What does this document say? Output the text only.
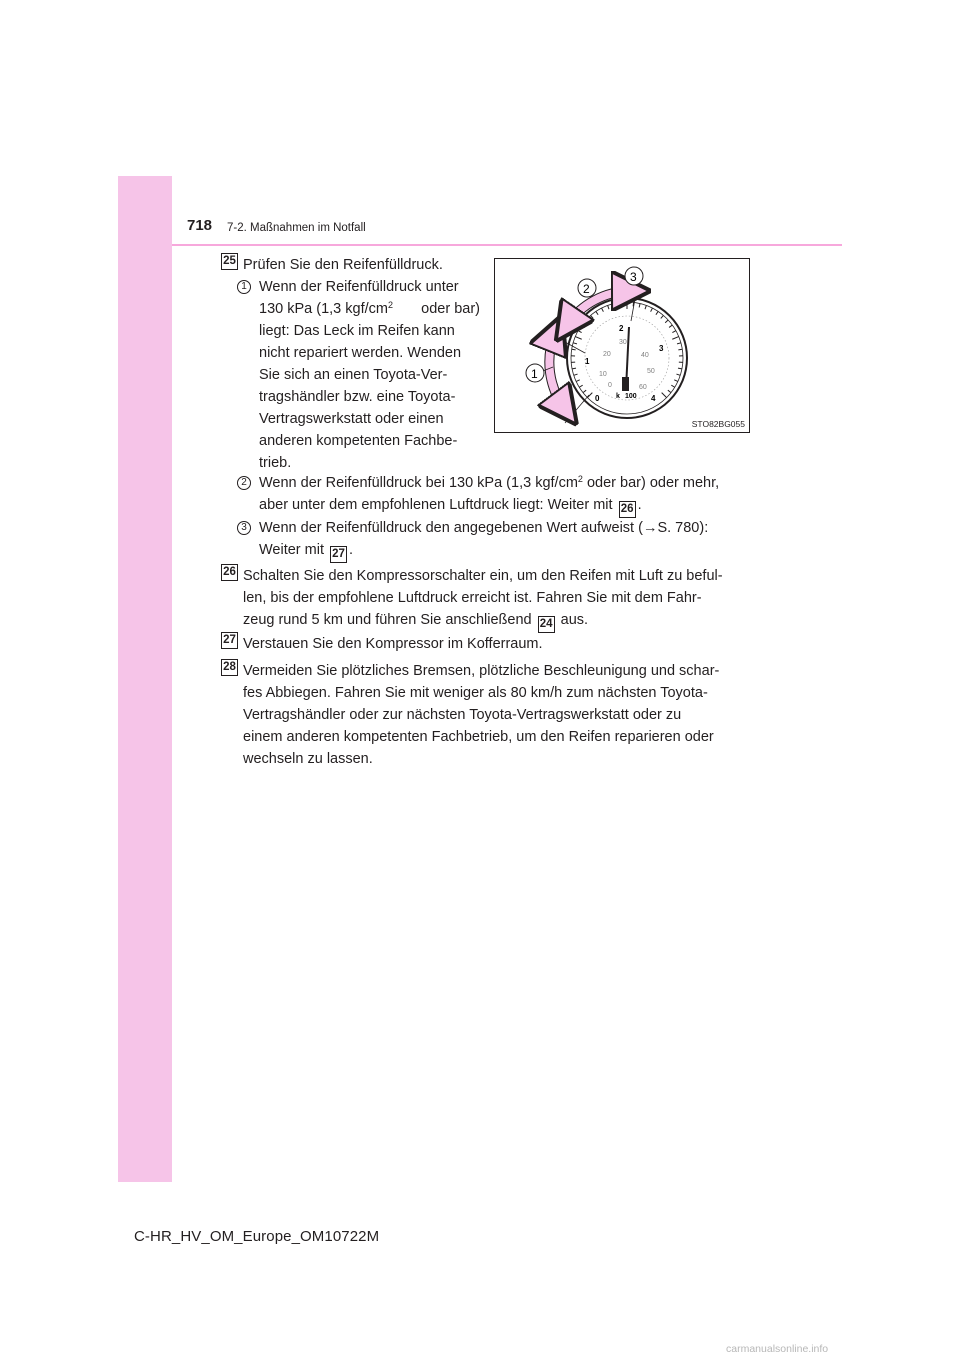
718 7-2. Maßnahmen im Notfall
25 Prüfen Sie den Reifenfülldruck.
1 Wenn der Reifenfülldruck unter
130 kPa (1,3 kgf/$cm^2$ oder bar)
liegt: Das Leck im Reifen kann
nicht repariert werden. Wenden
Sie sich an einen Toyota-Ver-
tragshändler bzw. eine Toyota-
Vertragswerkstatt oder einen
anderen kompetenten Fachbe-
trieb.
2 Wenn der Reifenfülldruck bei 130 kPa (1,3 kgf/$cm^2$ oder bar) oder mehr,
aber unter dem empfohlenen Luftdruck liegt: Weiter mit 26 .
3 Wenn der Reifenfülldruck den angegebenen Wert aufweist (→S. 780):
Weiter mit 27 .
26 Schalten Sie den Kompressorschalter ein, um den Reifen mit Luft zu beful-
len, bis der empfohlene Luftdruck erreicht ist. Fahren Sie mit dem Fahr-
zeug rund 5 km und führen Sie anschließend 24 aus.
27 Verstauen Sie den Kompressor im Kofferraum.
28 Vermeiden Sie plötzliches Bremsen, plötzliche Beschleunigung und schar-
fes Abbiegen. Fahren Sie mit weniger als 80 km/h zum nächsten Toyota-
Vertragshändler oder zur nächsten Toyota-Vertragswerkstatt oder zu
einem anderen kompetenten Fachbetrieb, um den Reifen reparieren oder
wechseln zu lassen.
0
1
2
3
4
0
10
20
30
40
50
60
100
k
1
2
3
STO82BG055
C-HR_HV_OM_Europe_OM10722M
carmanualsonline.info
